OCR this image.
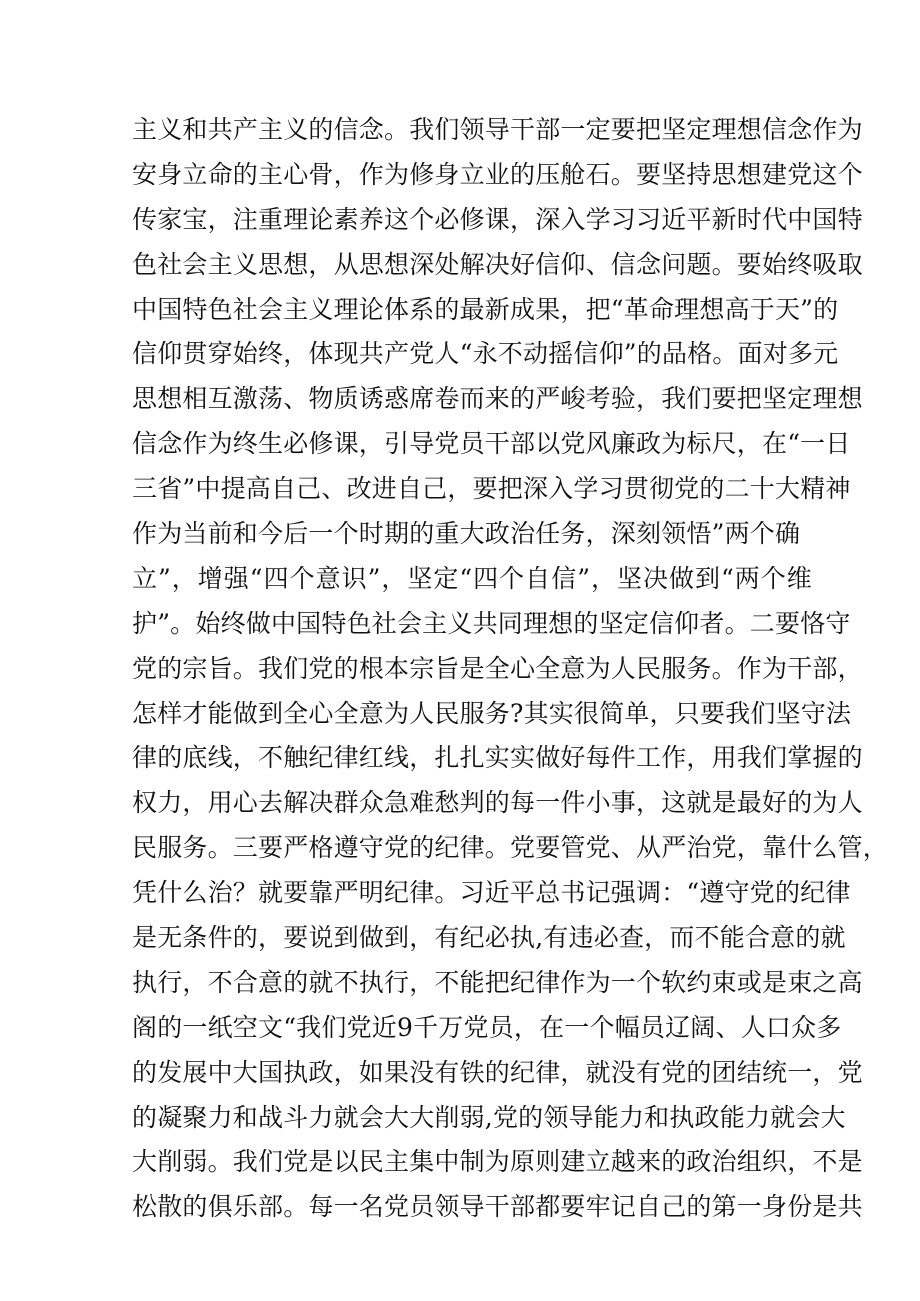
主义和共产主义的信念。我们领导干部一定要把坚定理想信念作为
安身立命的主心骨，作为修身立业的压舱石。要坚持思想建党这个
传家宝，注重理论素养这个必修课，深入学习习近平新时代中国特
色社会主义思想，从思想深处解决好信仰、信念问题。要始终吸取
中国特色社会主义理论体系的最新成果，把“革命理想高于天”的
信仰贯穿始终，体现共产党人“永不动摇信仰”的品格。面对多元
思想相互激荡、物质诱惑席卷而来的严峻考验，我们要把坚定理想
信念作为终生必修课，引导党员干部以党风廉政为标尺，在“一日
三省”中提高自己、改进自己，要把深入学习贯彻党的二十大精神
作为当前和今后一个时期的重大政治任务，深刻领悟”两个确
立”，增强“四个意识”，坚定“四个自信”，坚决做到“两个维
护”。始终做中国特色社会主义共同理想的坚定信仰者。二要恪守
党的宗旨。我们党的根本宗旨是全心全意为人民服务。作为干部，
怎样才能做到全心全意为人民服务?其实很简单，只要我们坚守法
律的底线，不触纪律红线，扎扎实实做好每件工作，用我们掌握的
权力，用心去解决群众急难愁判的每一件小事，这就是最好的为人
民服务。三要严格遵守党的纪律。党要管党、从严治党，靠什么管，
凭什么治？就要靠严明纪律。习近平总书记强调：“遵守党的纪律
是无条件的，要说到做到，有纪必执,有违必查，而不能合意的就
执行，不合意的就不执行，不能把纪律作为一个软约束或是束之高
阁的一纸空文“我们党近9千万党员，在一个幅员辽阔、人口众多
的发展中大国执政，如果没有铁的纪律，就没有党的团结统一，党
的凝聚力和战斗力就会大大削弱,党的领导能力和执政能力就会大
大削弱。我们党是以民主集中制为原则建立越来的政治组织，不是
松散的俱乐部。每一名党员领导干部都要牢记自己的第一身份是共
